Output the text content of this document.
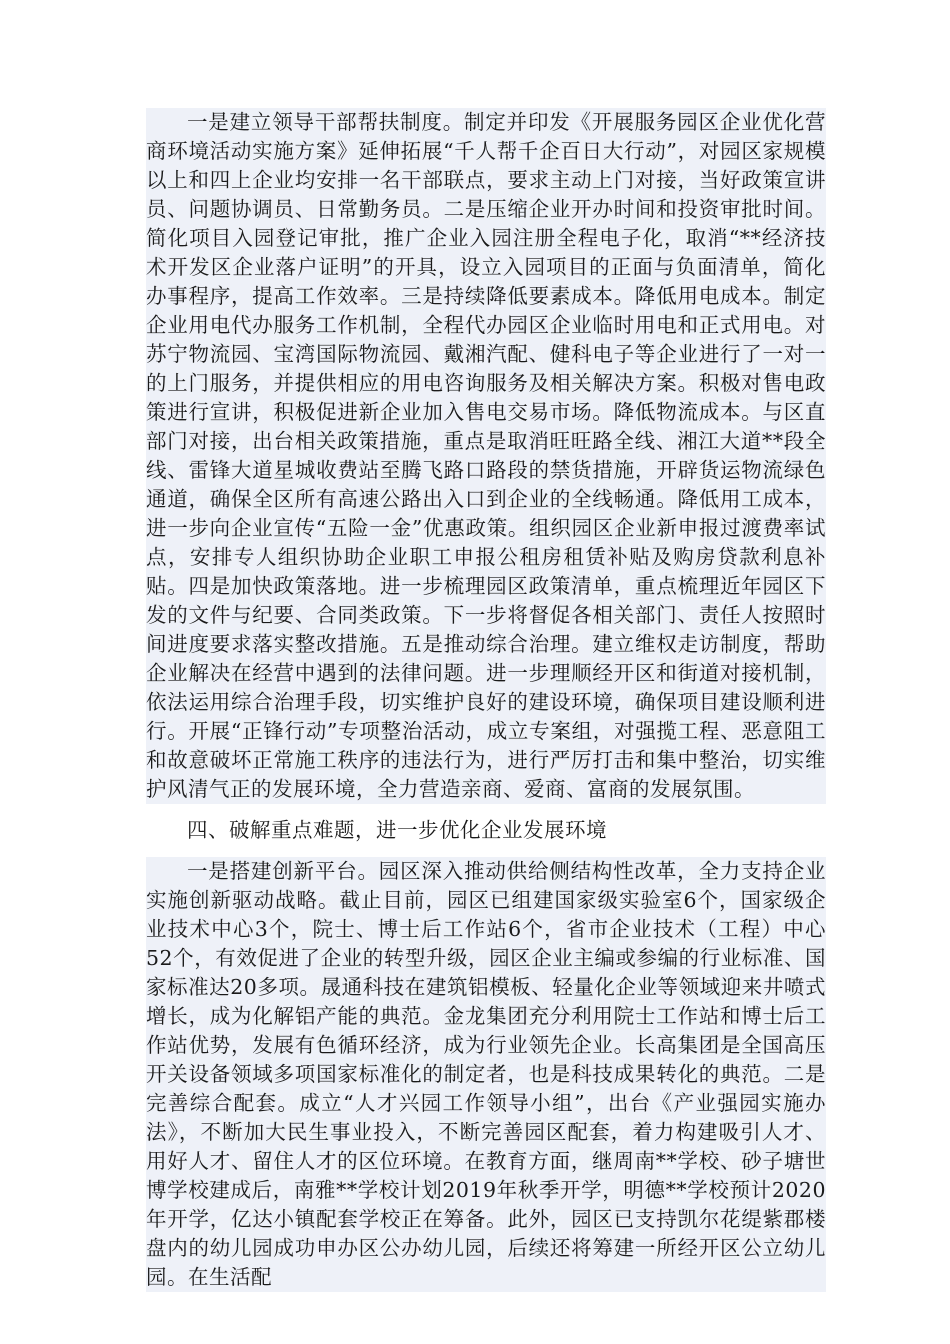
一是建立领导干部帮扶制度。制定并印发《开展服务园区企业优化营商环境活动实施方案》延伸拓展“千人帮千企百日大行动”，对园区家规模以上和四上企业均安排一名干部联点，要求主动上门对接，当好政策宣讲员、问题协调员、日常勤务员。二是压缩企业开办时间和投资审批时间。简化项目入园登记审批，推广企业入园注册全程电子化，取消“**经济技术开发区企业落户证明”的开具，设立入园项目的正面与负面清单，简化办事程序，提高工作效率。三是持续降低要素成本。降低用电成本。制定企业用电代办服务工作机制，全程代办园区企业临时用电和正式用电。对苏宁物流园、宝湾国际物流园、戴湘汽配、健科电子等企业进行了一对一的上门服务，并提供相应的用电咨询服务及相关解决方案。积极对售电政策进行宣讲，积极促进新企业加入售电交易市场。降低物流成本。与区直部门对接，出台相关政策措施，重点是取消旺旺路全线、湘江大道**段全线、雷锋大道星城收费站至腾飞路口路段的禁货措施，开辟货运物流绿色通道，确保全区所有高速公路出入口到企业的全线畅通。降低用工成本，进一步向企业宣传“五险一金”优惠政策。组织园区企业新申报过渡费率试点，安排专人组织协助企业职工申报公租房租赁补贴及购房贷款利息补贴。四是加快政策落地。进一步梳理园区政策清单，重点梳理近年园区下发的文件与纪要、合同类政策。下一步将督促各相关部门、责任人按照时间进度要求落实整改措施。五是推动综合治理。建立维权走访制度，帮助企业解决在经营中遇到的法律问题。进一步理顺经开区和街道对接机制，依法运用综合治理手段，切实维护良好的建设环境，确保项目建设顺利进行。开展“正锋行动”专项整治活动，成立专案组，对强揽工程、恶意阻工和故意破坏正常施工秩序的违法行为，进行严厉打击和集中整治，切实维护风清气正的发展环境，全力营造亲商、爱商、富商的发展氛围。

四、破解重点难题，进一步优化企业发展环境

一是搭建创新平台。园区深入推动供给侧结构性改革，全力支持企业实施创新驱动战略。截止目前，园区已组建国家级实验室6个，国家级企业技术中心3个，院士、博士后工作站6个，省市企业技术（工程）中心52个，有效促进了企业的转型升级，园区企业主编或参编的行业标准、国家标准达20多项。晟通科技在建筑铝模板、轻量化企业等领域迎来井喷式增长，成为化解铝产能的典范。金龙集团充分利用院士工作站和博士后工作站优势，发展有色循环经济，成为行业领先企业。长高集团是全国高压开关设备领域多项国家标准化的制定者，也是科技成果转化的典范。二是完善综合配套。成立“人才兴园工作领导小组”，出台《产业强园实施办法》，不断加大民生事业投入，不断完善园区配套，着力构建吸引人才、用好人才、留住人才的区位环境。在教育方面，继周南**学校、砂子塘世博学校建成后，南雅**学校计划2019年秋季开学，明德**学校预计2020年开学，亿达小镇配套学校正在筹备。此外，园区已支持凯尔花缇紫郡楼盘内的幼儿园成功申办区公办幼儿园，后续还将筹建一所经开区公立幼儿园。在生活配
